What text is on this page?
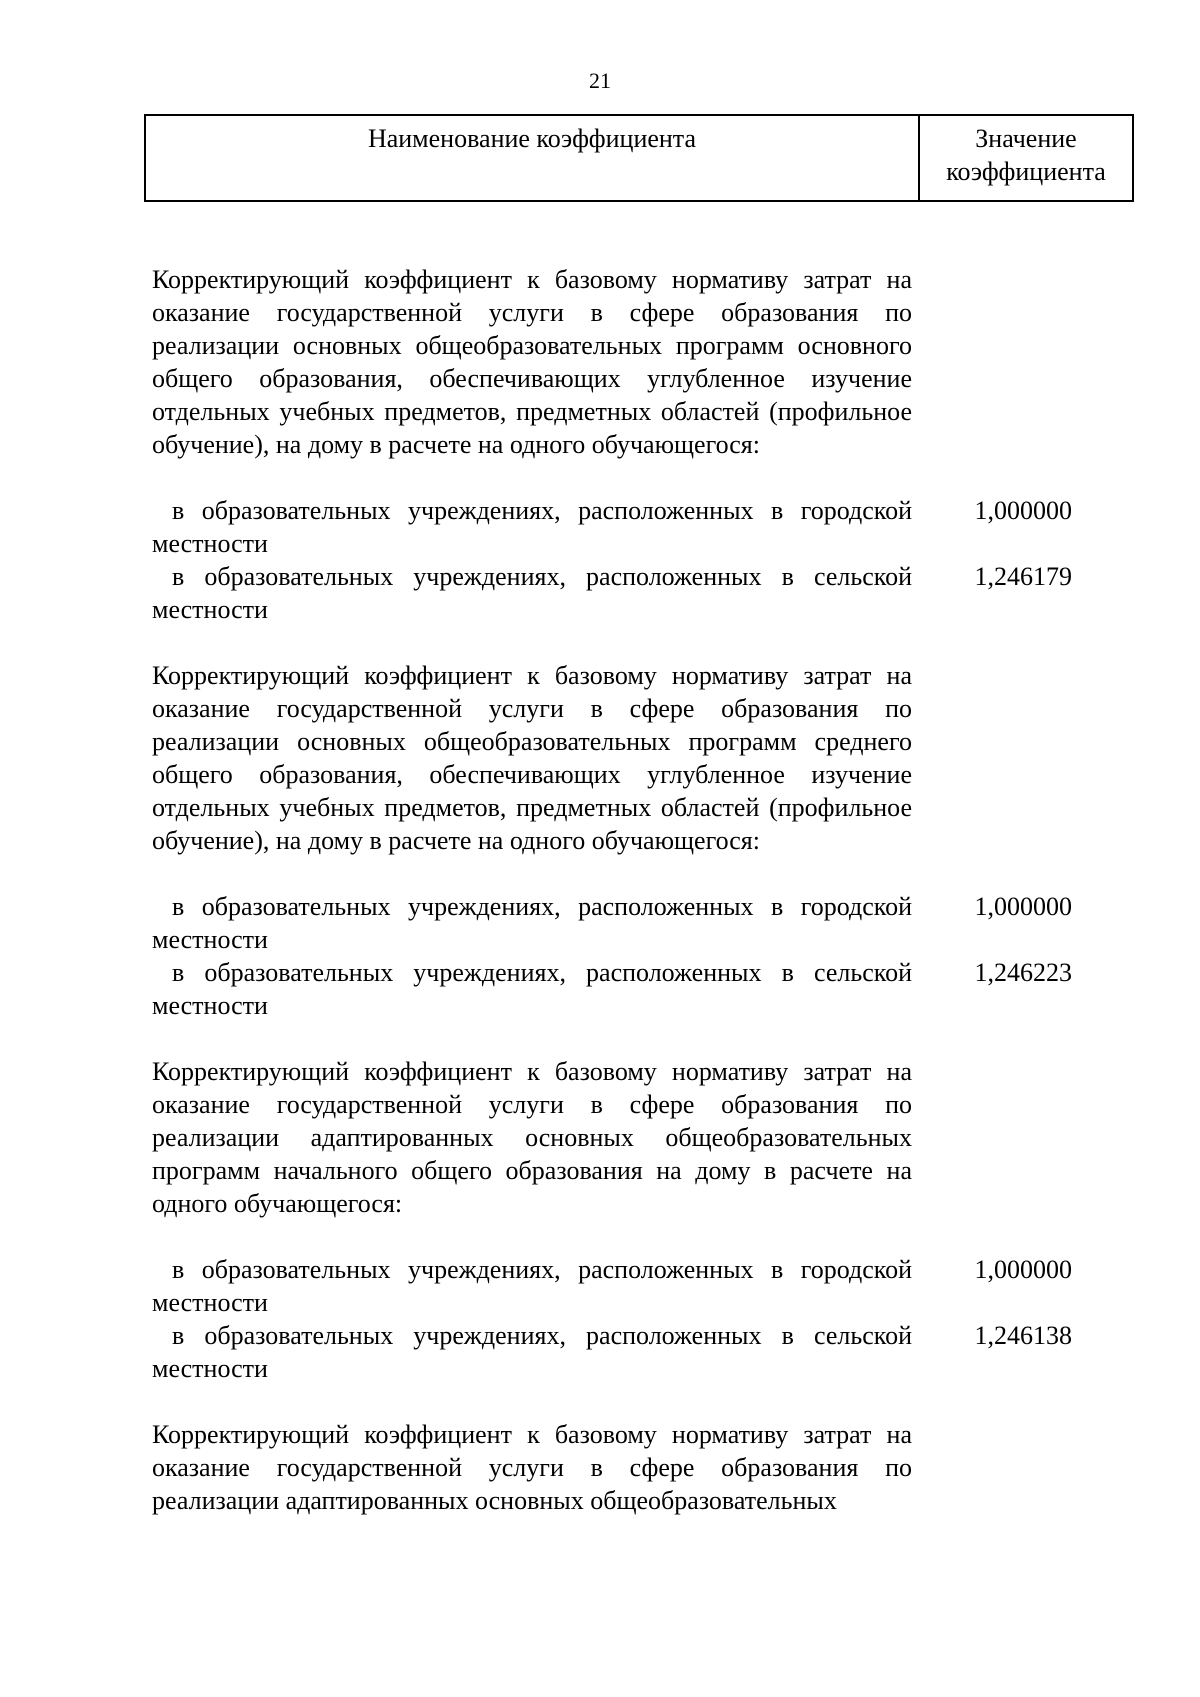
21
Наименование коэффициента	Значение
коэффициента

Корректирующий коэффициент к базовому нормативу затрат на оказание государственной услуги в сфере образования по реализации основных общеобразовательных программ основного общего образования, обеспечивающих углубленное изучение отдельных учебных предметов, предметных областей (профильное обучение), на дому в расчете на одного обучающегося:

в образовательных учреждениях, расположенных в городской местности

1,000000

в образовательных учреждениях, расположенных в сельской местности

1,246179

Корректирующий коэффициент к базовому нормативу затрат на оказание государственной услуги в сфере образования по реализации основных общеобразовательных программ среднего общего образования, обеспечивающих углубленное изучение отдельных учебных предметов, предметных областей (профильное обучение), на дому в расчете на одного обучающегося:

в образовательных учреждениях, расположенных в городской местности

1,000000

в образовательных учреждениях, расположенных в сельской местности

1,246223

Корректирующий коэффициент к базовому нормативу затрат на оказание государственной услуги в сфере образования по реализации адаптированных основных общеобразовательных программ начального общего образования на дому в расчете на одного обучающегося:

в образовательных учреждениях, расположенных в городской местности

1,000000

в образовательных учреждениях, расположенных в сельской местности

1,246138

Корректирующий коэффициент к базовому нормативу затрат на оказание государственной услуги в сфере образования по реализации адаптированных основных общеобразовательных
